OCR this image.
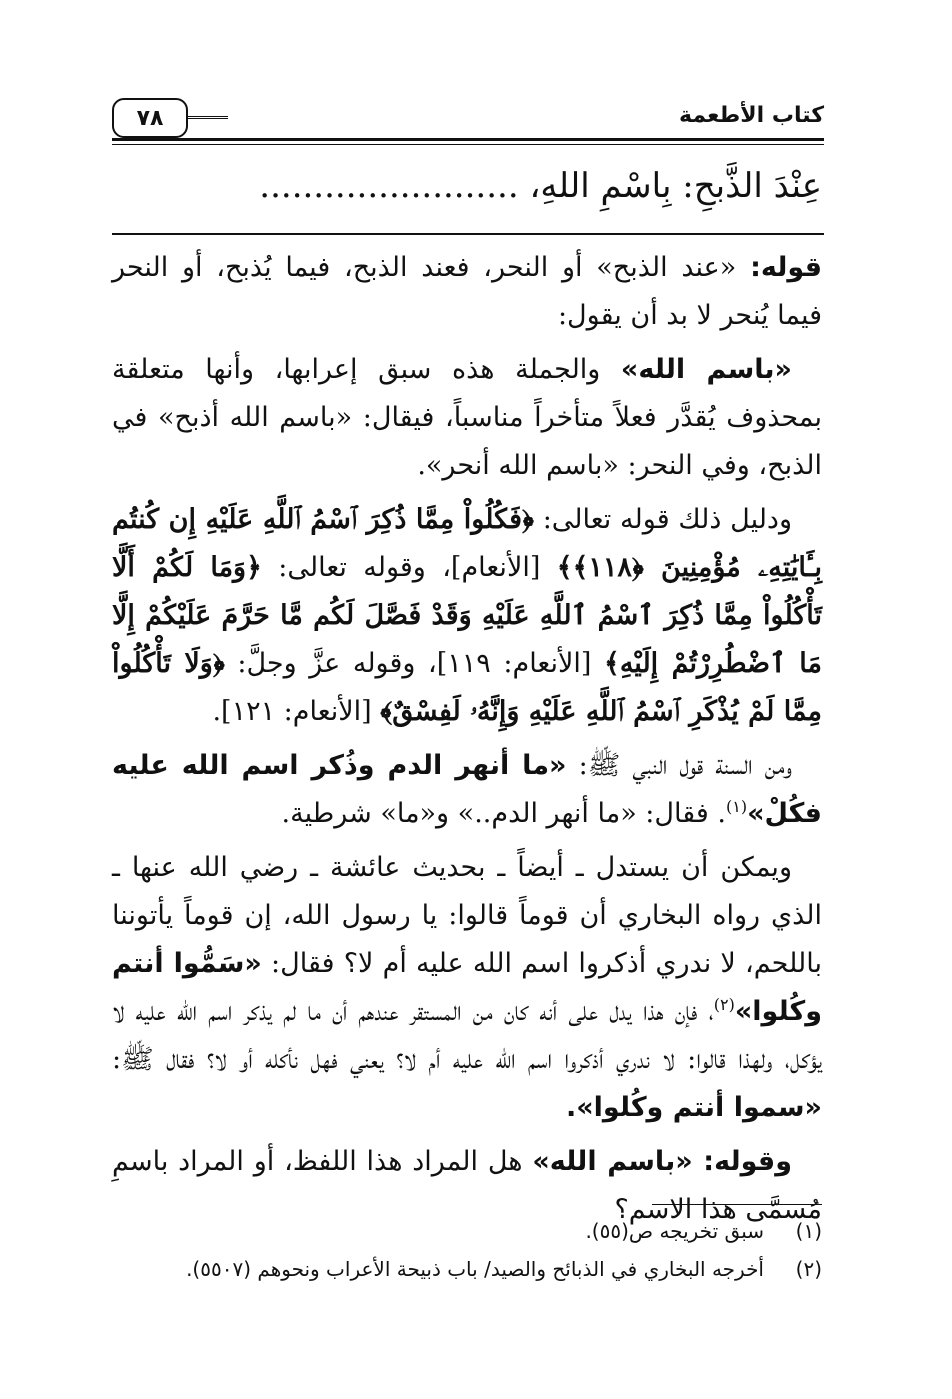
كتاب الأطعمة
٧٨
عِنْدَ الذَّبحِ: بِاسْمِ اللهِ، ........................

قوله: «عند الذبح» أو النحر، فعند الذبح، فيما يُذبح، أو النحر فيما يُنحر لا بد أن يقول:

«باسم الله» والجملة هذه سبق إعرابها، وأنها متعلقة بمحذوف يُقدَّر فعلاً متأخراً مناسباً، فيقال: «باسم الله أذبح» في الذبح، وفي النحر: «باسم الله أنحر».

ودليل ذلك قوله تعالى: ﴿فَكُلُواْ مِمَّا ذُكِرَ ٱسْمُ ٱللَّهِ عَلَيْهِ إِن كُنتُم بِـَٔايَٰتِهِۦ مُؤْمِنِينَ ﴿١١٨﴾﴾ [الأنعام]، وقوله تعالى: ﴿وَمَا لَكُمْ أَلَّا تَأْكُلُواْ مِمَّا ذُكِرَ ٱسْمُ ٱللَّهِ عَلَيْهِ وَقَدْ فَصَّلَ لَكُم مَّا حَرَّمَ عَلَيْكُمْ إِلَّا مَا ٱضْطُرِرْتُمْ إِلَيْهِ﴾ [الأنعام: ١١٩]، وقوله عزَّ وجلَّ: ﴿وَلَا تَأْكُلُواْ مِمَّا لَمْ يُذْكَرِ ٱسْمُ ٱللَّهِ عَلَيْهِ وَإِنَّهُۥ لَفِسْقٌ﴾ [الأنعام: ١٢١].

ومن السنة قول النبي ﷺ: «ما أنهر الدم وذُكر اسم الله عليه فكُلْ»$^{(١)}$. فقال: «ما أنهر الدم..» و«ما» شرطية.

ويمكن أن يستدل ـ أيضاً ـ بحديث عائشة ـ رضي الله عنها ـ الذي رواه البخاري أن قوماً قالوا: يا رسول الله، إن قوماً يأتوننا باللحم، لا ندري أذكروا اسم الله عليه أم لا؟ فقال: «سَمُّوا أنتم وكُلوا»$^{(٢)}$، فإن هذا يدل على أنه كان من المستقر عندهم أن ما لم يذكر اسم الله عليه لا يؤكل، ولهذا قالوا: لا ندري أذكروا اسم الله عليه أم لا؟ يعني فهل نأكله أو لا؟ فقال ﷺ: «سموا أنتم وكُلوا».

وقوله: «باسم الله» هل المراد هذا اللفظ، أو المراد باسمِ مُسمَّى هذا الاسم؟

(١)
سبق تخريجه ص(٥٥).
(٢)
أخرجه البخاري في الذبائح والصيد/ باب ذبيحة الأعراب ونحوهم (٥٥٠٧).
